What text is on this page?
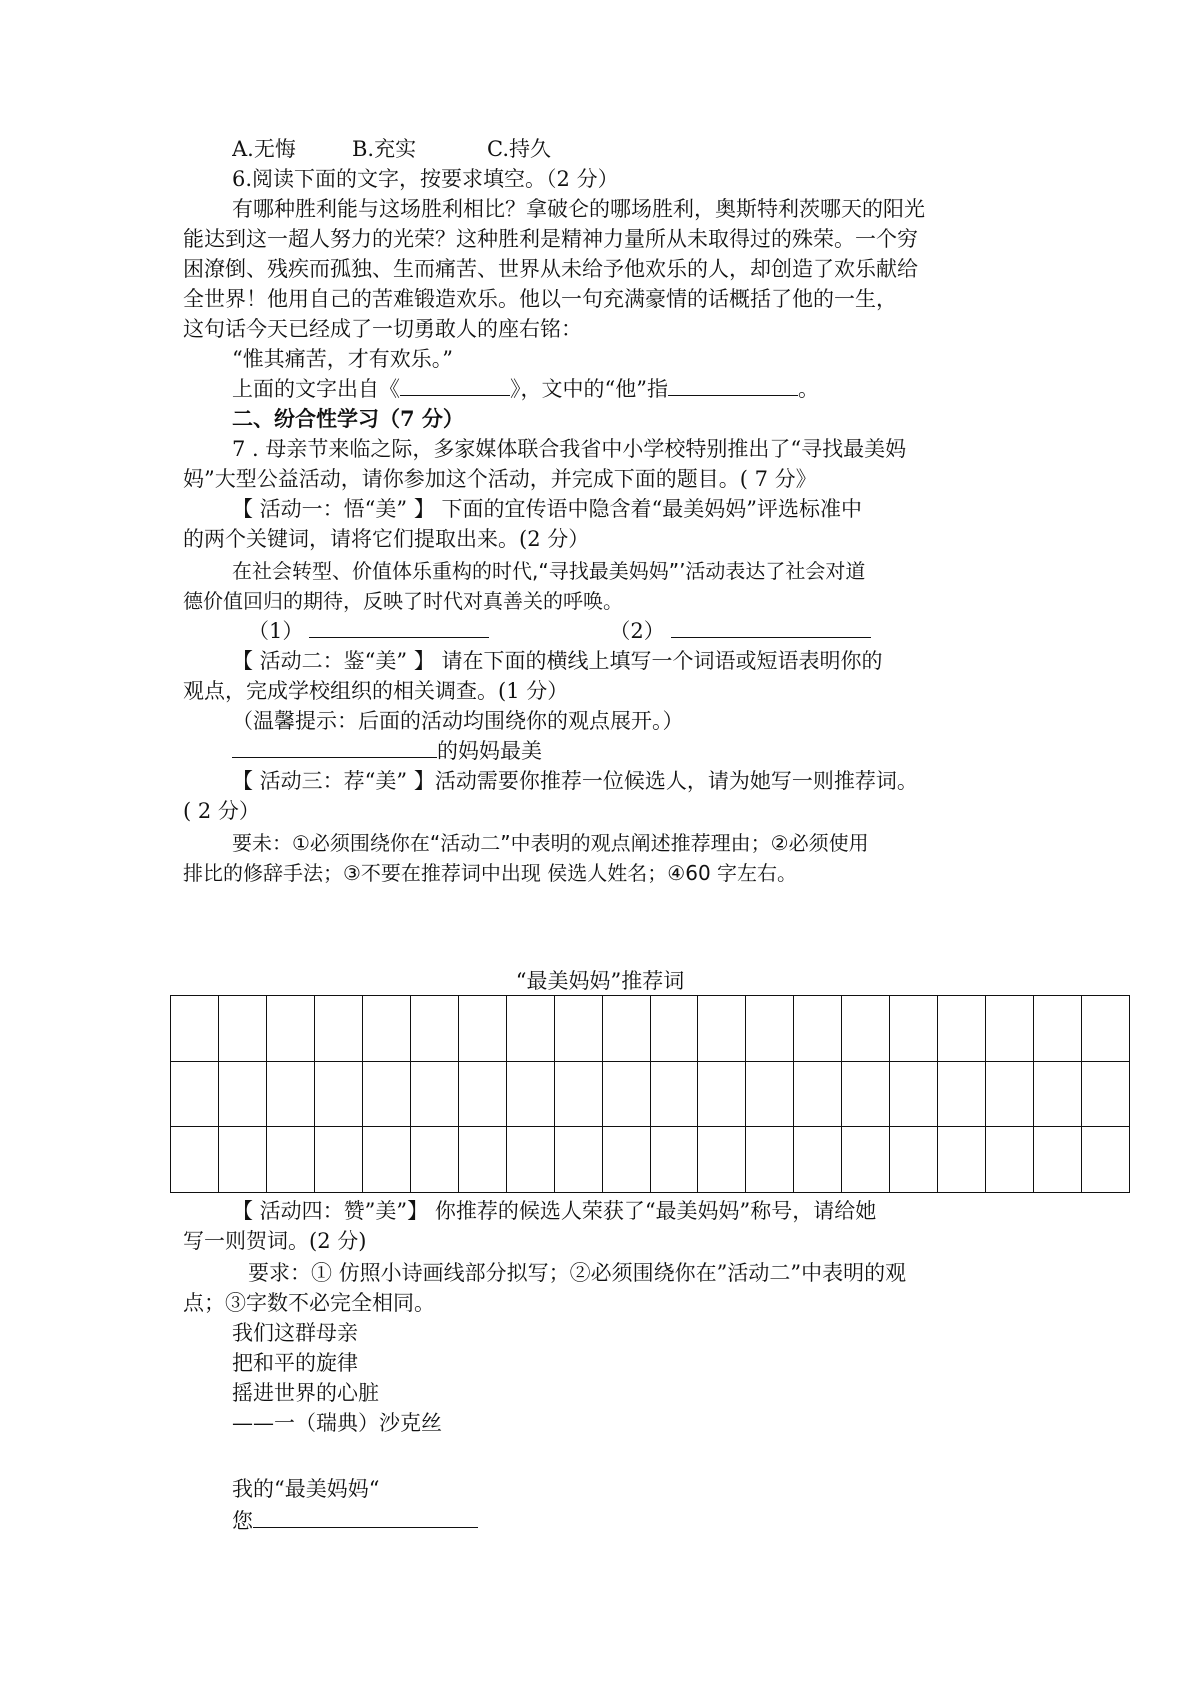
A.无悔	B.充实	C.持久
6.阅读下面的文字，按要求填空。（2 分）
有哪种胜利能与这场胜利相比？拿破仑的哪场胜利，奥斯特利茨哪天的阳光
能达到这一超人努力的光荣？这种胜利是精神力量所从未取得过的殊荣。一个穷
困潦倒、残疾而孤独、生而痛苦、世界从未给予他欢乐的人，却创造了欢乐献给
全世界！他用自己的苦难锻造欢乐。他以一句充满豪情的话概括了他的一生，
这句话今天已经成了一切勇敢人的座右铭：
“惟其痛苦，才有欢乐。”
上面的文字出自《	》，文中的“他”指	。
二、纷合性学习（7 分）
7 . 母亲节来临之际，多家媒体联合我省中小学校特别推出了“寻找最美妈
妈”大型公益活动，请你参加这个活动，并完成下面的题目。( 7 分》
【 活动一：悟“美” 】 下面的宜传语中隐含着“最美妈妈”评选标准中
的两个关键词，请将它们提取出来。(2 分）
在社会转型、价值体乐重构的时代,“寻找最美妈妈”’活动表达了社会对道
德价值回归的期待，反映了时代对真善关的呼唤。
（1）	（2）
【 活动二：鉴“美” 】 请在下面的横线上填写一个词语或短语表明你的
观点，完成学校组织的相关调查。(1 分）
（温馨提示：后面的活动均围绕你的观点展开。）
的妈妈最美
【 活动三：荐“美” 】活动需要你推荐一位候选人，请为她写一则推荐词。
( 2 分）
要未：①必须围绕你在“活动二”中表明的观点阐述推荐理由；②必须使用
排比的修辞手法；③不要在推荐词中出现 侯选人姓名；④60 字左右。
“最美妈妈”推荐词
【 活动四：赞”美”】 你推荐的候选人荣获了“最美妈妈”称号，请给她
写一则贺词。(2 分)
要求：① 仿照小诗画线部分拟写；②必须围绕你在”活动二”中表明的观
点；③字数不必完全相同。
我们这群母亲
把和平的旋律
摇进世界的心脏
——一（瑞典）沙克丝
我的“最美妈妈“
您
